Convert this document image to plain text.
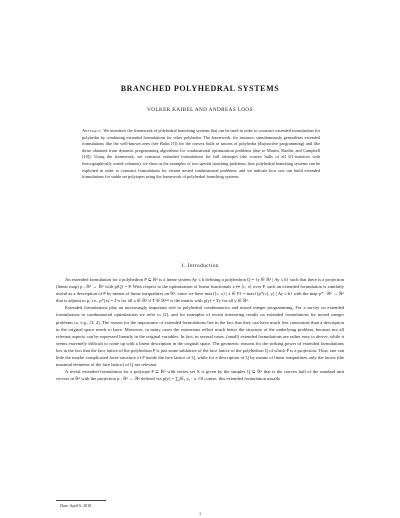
BRANCHED POLYHEDRAL SYSTEMS
VOLKER KAIBEL AND ANDREAS LOOS
Abstract. We introduce the framework of polyhedral branching systems that can be used in order to construct extended formulations for polyhedra by combining extended formulations for other polyhedra. The framework, for instance, simultaneously generalizes extended formulations like the well-known ones (see Balas [1]) for the convex hulls of unions of polyhedra (disjunctive programming) and like those obtained from dynamic programming algorithms for combinatorial optimization problems (due to Martin, Rardin, and Campbell [10]). Using the framework, we construct extended formulations for full orbitopes (the convex hulls of all 0/1-matrices with lexicographically sorted columns), we show at the examples of two special matching problems, how polyhedral branching systems can be exploited in order to construct formulations for certain nested combinatorial problems, and we indicate how one can build extended formulations for stable set polytopes using the framework of polyhedral branching systems.
1. Introduction

An extended formulation for a polyhedron P ⊆ ℝⁿ is a linear system Ay ≤ b defining a polyhedron Q = {y ∈ ℝᵈ | Ay ≤ b} such that there is a projection (linear map) p : ℝᵈ → ℝⁿ with p(Q) = P. With respect to the optimization of linear functionals x ↦ ⟨c, x⟩ over P, such an extended formulation is similarly useful as a description of P by means of linear inequalities on ℝⁿ, since we have max{⟨c, x⟩ | x ∈ P} = max{⟨p*(c), y⟩ | Ay ≤ b} with the map p* : ℝⁿ → ℝᵈ that is adjoint to p, i.e., p*(x) = Tᵗx for all x ∈ ℝⁿ if T ∈ ℝⁿˣᵈ is the matrix with p(y) = Ty for all y ∈ ℝᵈ.

Extended formulations play an increasingly important role in polyhedral combinatorics and mixed integer programming. For a survey on extended formulations in combinatorial optimization we refer to [2], and for examples of recent interesting results on extended formulations for mixed integer problems to, e.g., [3, 4]. The reason for the importance of extended formulations lies in the fact that they can have much less constraints than a description in the original space needs to have. Moreover, in many cases the extensions reflect much better the structure of the underlying problem, because not all relevant aspects can be expressed linearly in the original variables. In fact, in several cases, (small) extended formulations are rather easy to derive, while it seems extremely difficult to come up with a linear description in the original space. The geometric reasons for the striking power of extended formulations lies in the fact that the face lattice of the polyhedron P is just some sublattice of the face lattice of the polyhedron Q of which P is a projection. Thus, one can hide the maybe complicated facet-structure of P inside the face lattice of Q, while for a description of Q by means of linear inequalities only the facets (the maximal elements of the face lattice) of Q are relevant.

A trivial extended formulation for a polytope P ⊆ ℝⁿ with vertex set X is given by the simplex Q ⊆ ℝˣ that is the convex hull of the standard unit vectors in ℝˣ with the projection p : ℝˣ → ℝⁿ defined via p(y) = ∑ₓ∈ₓ yₓ · x. Of course, this extended formulation usually

Date: April 6, 2010.
1
